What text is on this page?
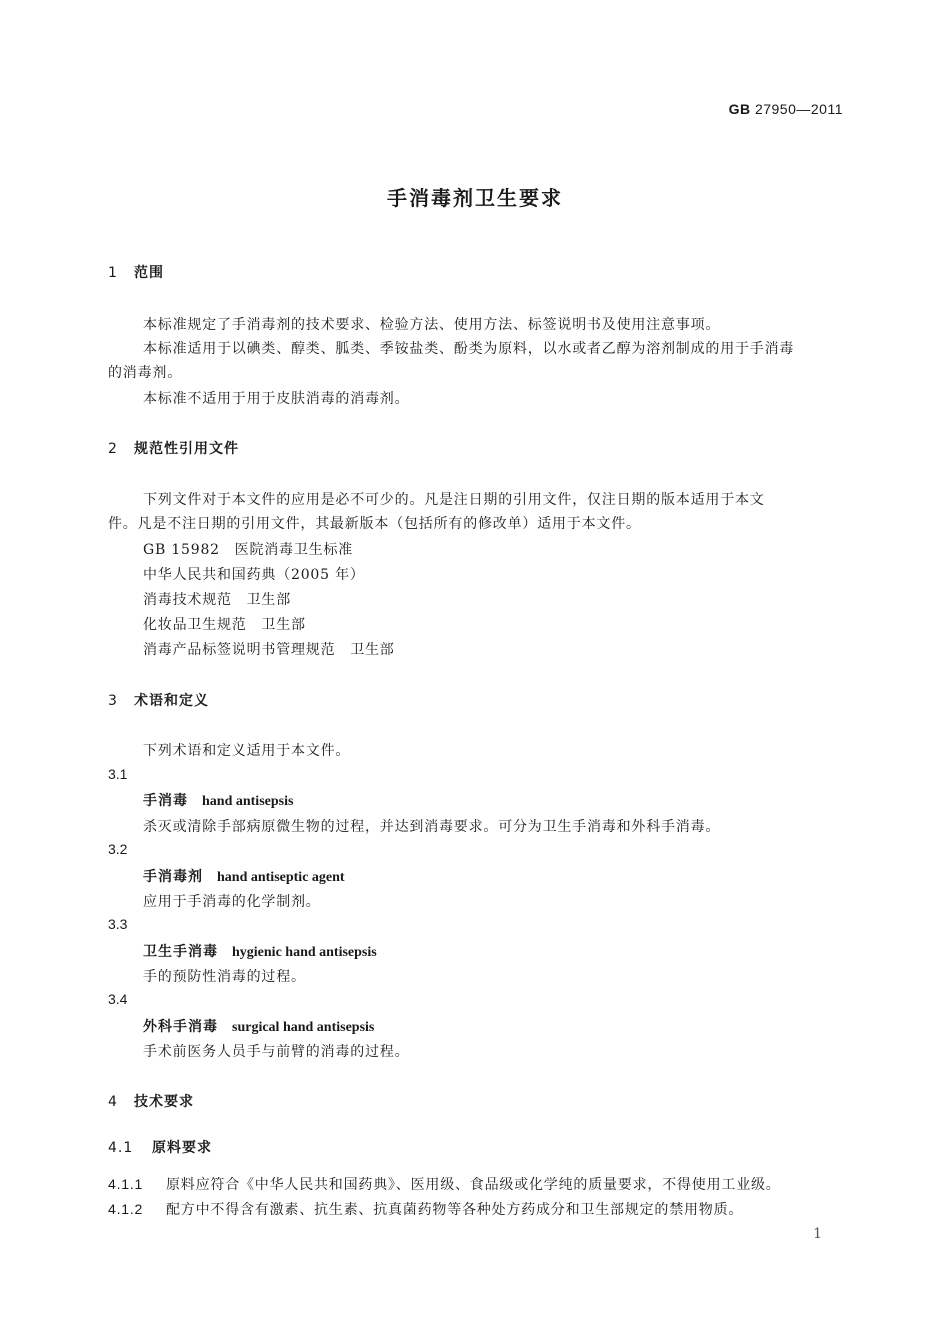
GB 27950—2011
手消毒剂卫生要求
1 范围
本标准规定了手消毒剂的技术要求、检验方法、使用方法、标签说明书及使用注意事项。
本标准适用于以碘类、醇类、胍类、季铵盐类、酚类为原料，以水或者乙醇为溶剂制成的用于手消毒
的消毒剂。
本标准不适用于用于皮肤消毒的消毒剂。
2 规范性引用文件
下列文件对于本文件的应用是必不可少的。凡是注日期的引用文件，仅注日期的版本适用于本文
件。凡是不注日期的引用文件，其最新版本（包括所有的修改单）适用于本文件。
GB 15982　医院消毒卫生标准
中华人民共和国药典（2005 年）
消毒技术规范　卫生部
化妆品卫生规范　卫生部
消毒产品标签说明书管理规范　卫生部
3 术语和定义
下列术语和定义适用于本文件。
3.1
手消毒 hand antisepsis
杀灭或清除手部病原微生物的过程，并达到消毒要求。可分为卫生手消毒和外科手消毒。
3.2
手消毒剂 hand antiseptic agent
应用于手消毒的化学制剂。
3.3
卫生手消毒 hygienic hand antisepsis
手的预防性消毒的过程。
3.4
外科手消毒 surgical hand antisepsis
手术前医务人员手与前臂的消毒的过程。
4 技术要求
4.1 原料要求
4.1.1 原料应符合《中华人民共和国药典》、医用级、食品级或化学纯的质量要求，不得使用工业级。
4.1.2 配方中不得含有激素、抗生素、抗真菌药物等各种处方药成分和卫生部规定的禁用物质。
1
